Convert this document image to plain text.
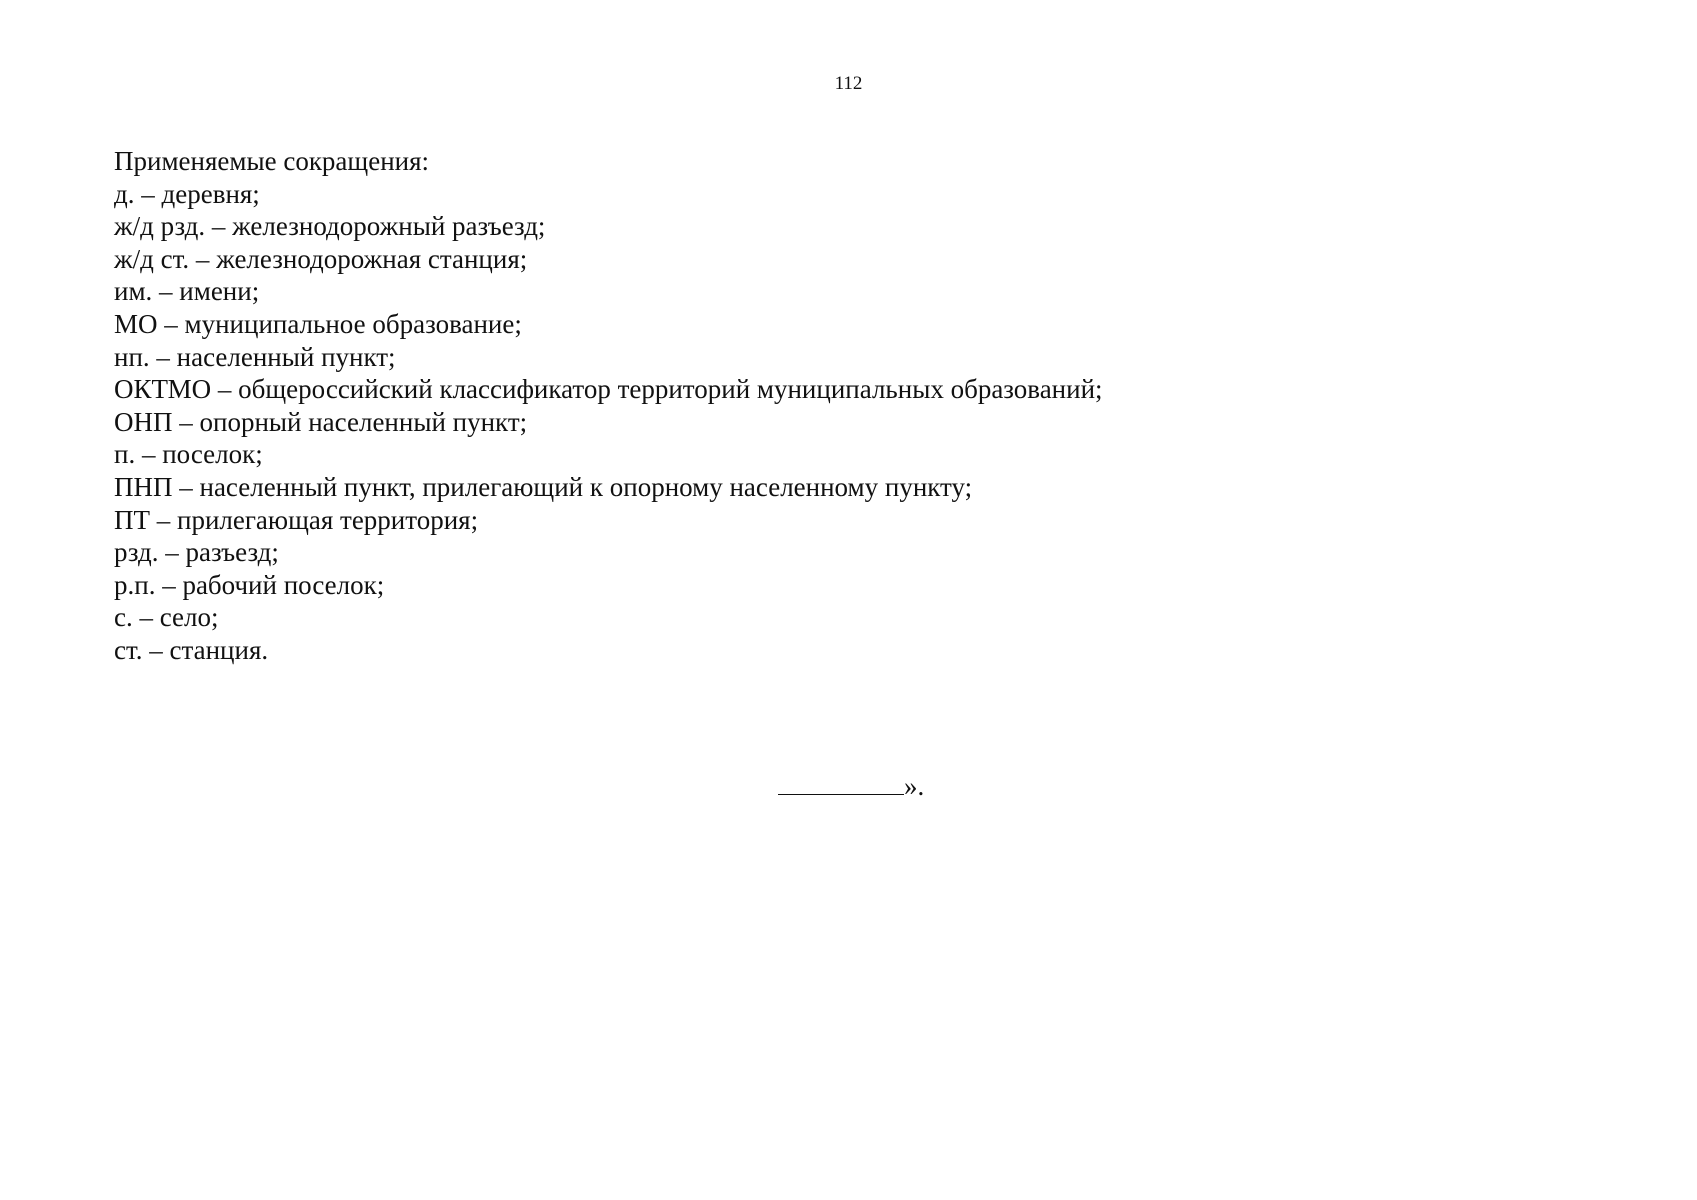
112
Применяемые сокращения:
д. – деревня;
ж/д рзд. – железнодорожный разъезд;
ж/д ст. – железнодорожная станция;
им. – имени;
МО – муниципальное образование;
нп. – населенный пункт;
ОКТМО – общероссийский классификатор территорий муниципальных образований;
ОНП – опорный населенный пункт;
п. – поселок;
ПНП – населенный пункт, прилегающий к опорному населенному пункту;
ПТ – прилегающая территория;
рзд. – разъезд;
р.п. – рабочий поселок;
с. – село;
ст. – станция.
».
